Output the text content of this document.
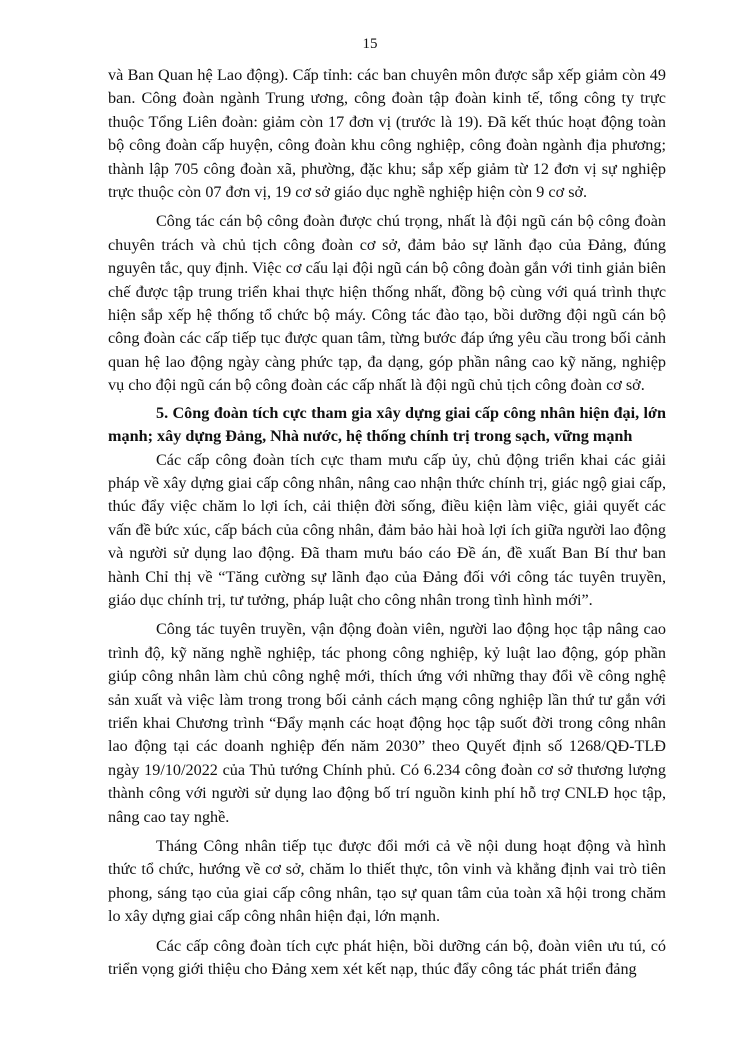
15

và Ban Quan hệ Lao động). Cấp tỉnh: các ban chuyên môn được sắp xếp giảm còn 49 ban. Công đoàn ngành Trung ương, công đoàn tập đoàn kinh tế, tổng công ty trực thuộc Tổng Liên đoàn: giảm còn 17 đơn vị (trước là 19). Đã kết thúc hoạt động toàn bộ công đoàn cấp huyện, công đoàn khu công nghiệp, công đoàn ngành địa phương; thành lập 705 công đoàn xã, phường, đặc khu; sắp xếp giảm từ 12 đơn vị sự nghiệp trực thuộc còn 07 đơn vị, 19 cơ sở giáo dục nghề nghiệp hiện còn 9 cơ sở.

Công tác cán bộ công đoàn được chú trọng, nhất là đội ngũ cán bộ công đoàn chuyên trách và chủ tịch công đoàn cơ sở, đảm bảo sự lãnh đạo của Đảng, đúng nguyên tắc, quy định. Việc cơ cấu lại đội ngũ cán bộ công đoàn gắn với tinh giản biên chế được tập trung triển khai thực hiện thống nhất, đồng bộ cùng với quá trình thực hiện sắp xếp hệ thống tổ chức bộ máy. Công tác đào tạo, bồi dưỡng đội ngũ cán bộ công đoàn các cấp tiếp tục được quan tâm, từng bước đáp ứng yêu cầu trong bối cảnh quan hệ lao động ngày càng phức tạp, đa dạng, góp phần nâng cao kỹ năng, nghiệp vụ cho đội ngũ cán bộ công đoàn các cấp nhất là đội ngũ chủ tịch công đoàn cơ sở.

5. Công đoàn tích cực tham gia xây dựng giai cấp công nhân hiện đại, lớn mạnh; xây dựng Đảng, Nhà nước, hệ thống chính trị trong sạch, vững mạnh

Các cấp công đoàn tích cực tham mưu cấp ủy, chủ động triển khai các giải pháp về xây dựng giai cấp công nhân, nâng cao nhận thức chính trị, giác ngộ giai cấp, thúc đẩy việc chăm lo lợi ích, cải thiện đời sống, điều kiện làm việc, giải quyết các vấn đề bức xúc, cấp bách của công nhân, đảm bảo hài hoà lợi ích giữa người lao động và người sử dụng lao động. Đã tham mưu báo cáo Đề án, đề xuất Ban Bí thư ban hành Chỉ thị về “Tăng cường sự lãnh đạo của Đảng đối với công tác tuyên truyền, giáo dục chính trị, tư tưởng, pháp luật cho công nhân trong tình hình mới”.

Công tác tuyên truyền, vận động đoàn viên, người lao động học tập nâng cao trình độ, kỹ năng nghề nghiệp, tác phong công nghiệp, kỷ luật lao động, góp phần giúp công nhân làm chủ công nghệ mới, thích ứng với những thay đổi về công nghệ sản xuất và việc làm trong trong bối cảnh cách mạng công nghiệp lần thứ tư gắn với triển khai Chương trình “Đẩy mạnh các hoạt động học tập suốt đời trong công nhân lao động tại các doanh nghiệp đến năm 2030” theo Quyết định số 1268/QĐ-TLĐ ngày 19/10/2022 của Thủ tướng Chính phủ. Có 6.234 công đoàn cơ sở thương lượng thành công với người sử dụng lao động bố trí nguồn kinh phí hỗ trợ CNLĐ học tập, nâng cao tay nghề.

Tháng Công nhân tiếp tục được đổi mới cả về nội dung hoạt động và hình thức tổ chức, hướng về cơ sở, chăm lo thiết thực, tôn vinh và khẳng định vai trò tiên phong, sáng tạo của giai cấp công nhân, tạo sự quan tâm của toàn xã hội trong chăm lo xây dựng giai cấp công nhân hiện đại, lớn mạnh.

Các cấp công đoàn tích cực phát hiện, bồi dưỡng cán bộ, đoàn viên ưu tú, có triển vọng giới thiệu cho Đảng xem xét kết nạp, thúc đẩy công tác phát triển đảng
